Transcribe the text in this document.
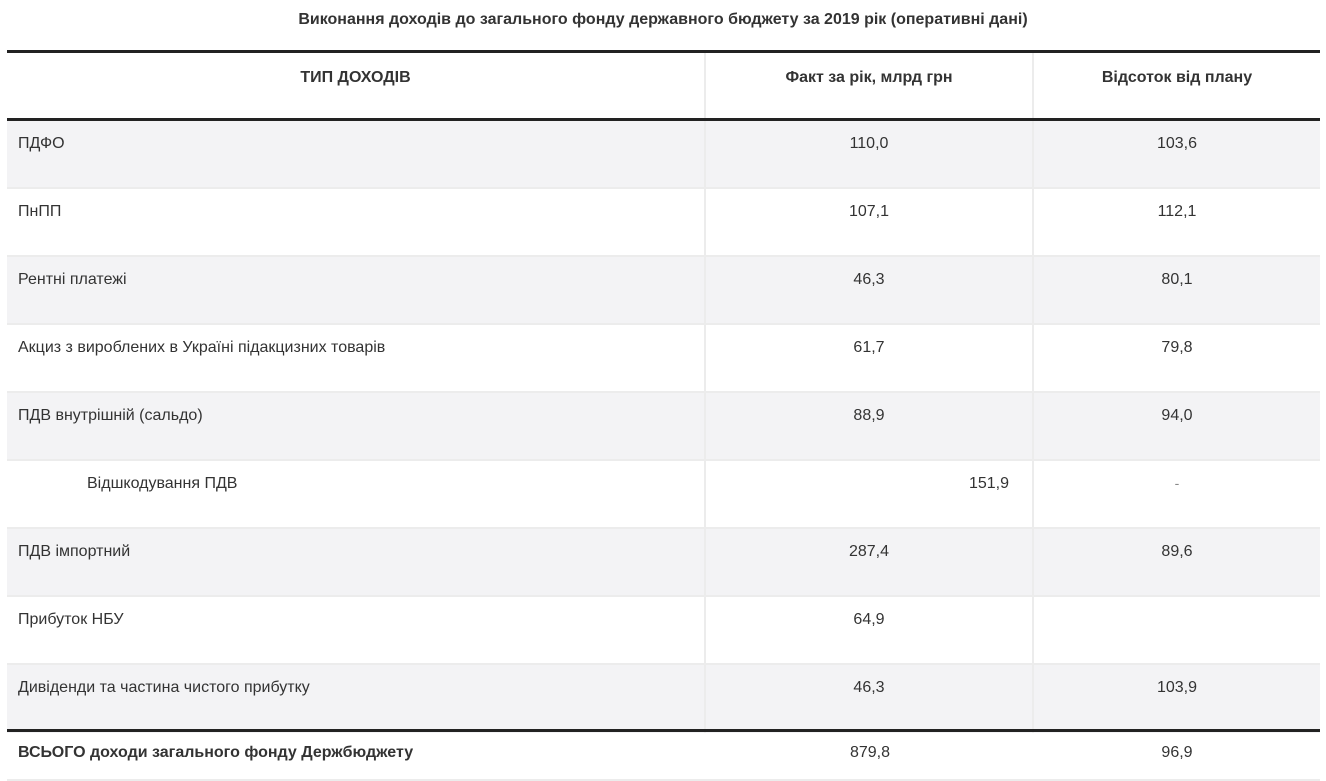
Виконання доходів до загального фонду державного бюджету за 2019 рік (оперативні дані)
ТИП ДОХОДІВ	Факт за рік, млрд грн	Відсоток від плану
ПДФО	110,0	103,6
ПнПП	107,1	112,1
Рентні платежі	46,3	80,1
Акциз з вироблених в Україні підакцизних товарів	61,7	79,8
ПДВ внутрішній (сальдо)	88,9	94,0
Відшкодування ПДВ	151,9	-
ПДВ імпортний	287,4	89,6
Прибуток НБУ	64,9
Дивіденди та частина чистого прибутку	46,3	103,9
ВСЬОГО доходи загального фонду Держбюджету	879,8	96,9
